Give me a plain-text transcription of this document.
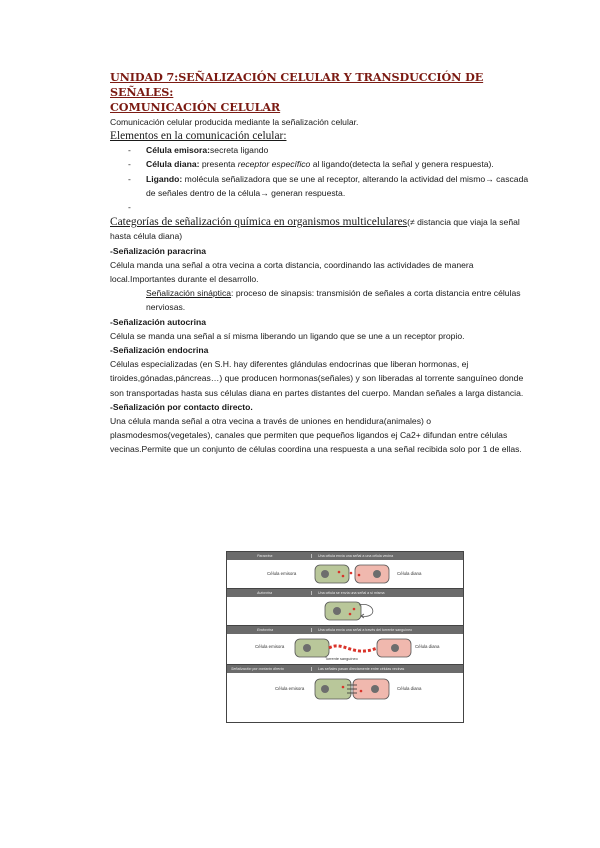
UNIDAD 7:SEÑALIZACIÓN CELULAR Y TRANSDUCCIÓN DE SEÑALES:
COMUNICACIÓN CELULAR

Comunicación celular producida mediante la señalización celular.

Elementos en la comunicación celular:
- Célula emisora:secreta ligando
- Célula diana: presenta receptor específico al ligando(detecta la señal y genera respuesta).
- Ligando: molécula señalizadora que se une al receptor, alterando la actividad del mismo→ cascada de señales dentro de la célula→ generan respuesta.
-

Categorías de señalización química en organismos multicelulares(≠ distancia que viaja la señal hasta célula diana)

-Señalización paracrina

Célula manda una señal a otra vecina a corta distancia, coordinando las actividades de manera local.Importantes durante el desarrollo.

Señalización sináptica: proceso de sinapsis: transmisión de señales a corta distancia entre células nerviosas.

-Señalización autocrina

Célula se manda una señal a sí misma liberando un ligando que se une a un receptor propio.

-Señalización endocrina

Células especializadas (en S.H. hay diferentes glándulas endocrinas que liberan hormonas, ej tiroides,gónadas,páncreas…) que producen hormonas(señales) y son liberadas al torrente sanguíneo donde son transportadas hasta sus células diana en partes distantes del cuerpo. Mandan señales a larga distancia.

-Señalización por contacto directo.

Una célula manda señal a otra vecina a través de uniones en hendidura(animales) o plasmodesmos(vegetales), canales que permiten que pequeños ligandos ej Ca2+ difundan entre células vecinas.Permite que un conjunto de células coordina una respuesta a una señal recibida solo por 1 de ellas.

Paracrina	Una célula envía una señal a una célula vecina
Célula emisora	Célula diana
Autocrina	Una célula se envía una señal a sí misma
Endocrina	Una célula envía una señal a través del torrente sanguíneo
Célula emisora
Torrente sanguíneo
Célula diana
Señalización por contacto directo	Las señales pasan directamente entre células vecinas
Célula emisora	Célula diana
